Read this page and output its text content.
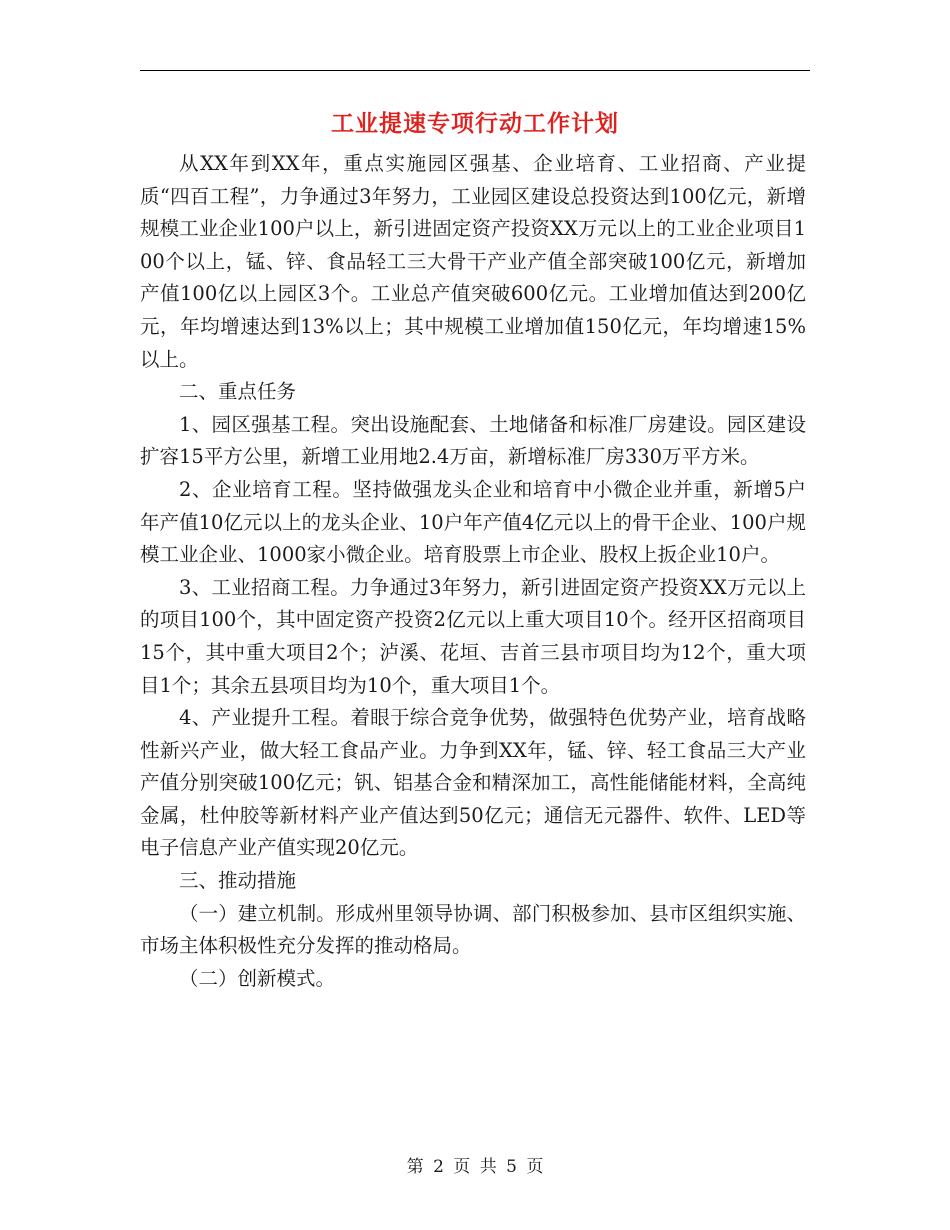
工业提速专项行动工作计划

从XX年到XX年，重点实施园区强基、企业培育、工业招商、产业提质“四百工程”，力争通过3年努力，工业园区建设总投资达到100亿元，新增规模工业企业100户以上，新引进固定资产投资XX万元以上的工业企业项目100个以上，锰、锌、食品轻工三大骨干产业产值全部突破100亿元，新增加产值100亿以上园区3个。工业总产值突破600亿元。工业增加值达到200亿元，年均增速达到13%以上；其中规模工业增加值150亿元，年均增速15%以上。

二、重点任务

1、园区强基工程。突出设施配套、土地储备和标准厂房建设。园区建设扩容15平方公里，新增工业用地2.4万亩，新增标准厂房330万平方米。

2、企业培育工程。坚持做强龙头企业和培育中小微企业并重，新增5户年产值10亿元以上的龙头企业、10户年产值4亿元以上的骨干企业、100户规模工业企业、1000家小微企业。培育股票上市企业、股权上扳企业10户。

3、工业招商工程。力争通过3年努力，新引进固定资产投资XX万元以上的项目100个，其中固定资产投资2亿元以上重大项目10个。经开区招商项目15个，其中重大项目2个；泸溪、花垣、吉首三县市项目均为12个，重大项目1个；其余五县项目均为10个，重大项目1个。

4、产业提升工程。着眼于综合竞争优势，做强特色优势产业，培育战略性新兴产业，做大轻工食品产业。力争到XX年，锰、锌、轻工食品三大产业产值分别突破100亿元；钒、铝基合金和精深加工，高性能储能材料，全高纯金属，杜仲胶等新材料产业产值达到50亿元；通信无元器件、软件、LED等电子信息产业产值实现20亿元。

三、推动措施

（一）建立机制。形成州里领导协调、部门积极参加、县市区组织实施、市场主体积极性充分发挥的推动格局。

（二）创新模式。

第 2 页 共 5 页
